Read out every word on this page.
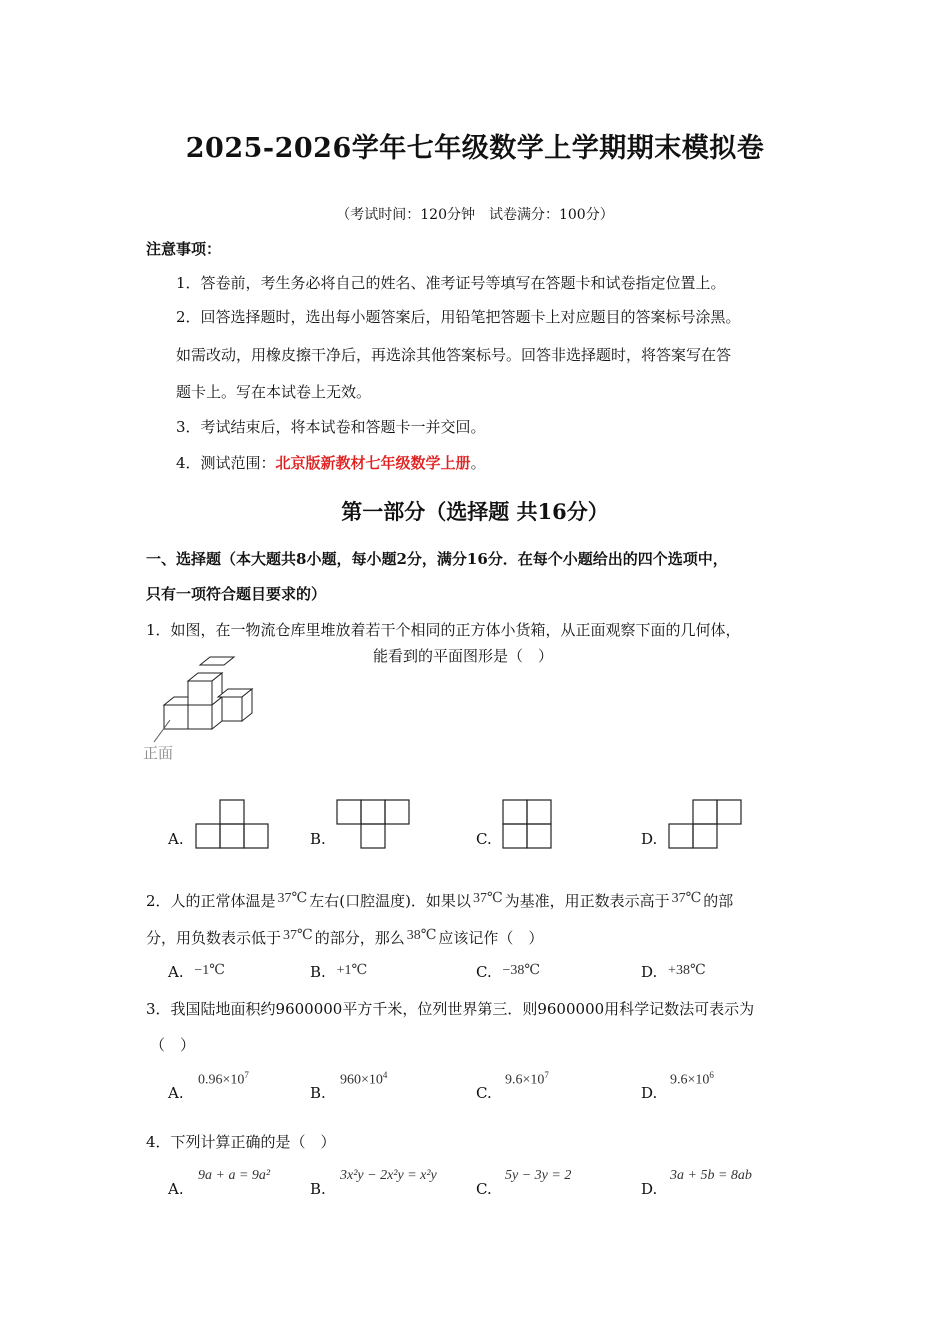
2025-2026学年七年级数学上学期期末模拟卷
（考试时间：120分钟　试卷满分：100分）
注意事项：
1．答卷前，考生务必将自己的姓名、准考证号等填写在答题卡和试卷指定位置上。
2．回答选择题时，选出每小题答案后，用铅笔把答题卡上对应题目的答案标号涂黑。
如需改动，用橡皮擦干净后，再选涂其他答案标号。回答非选择题时，将答案写在答
题卡上。写在本试卷上无效。
3．考试结束后，将本试卷和答题卡一并交回。
4．测试范围：北京版新教材七年级数学上册。
第一部分（选择题 共16分）
一、选择题（本大题共8小题，每小题2分，满分16分．在每个小题给出的四个选项中，
只有一项符合题目要求的）
1．如图，在一物流仓库里堆放着若干个相同的正方体小货箱，从正面观察下面的几何体，
能看到的平面图形是（　）
正面
A.	B.	C.	D.
2．人的正常体温是 37℃ 左右(口腔温度)．如果以 37℃ 为基准，用正数表示高于 37℃ 的部
分，用负数表示低于 37℃ 的部分，那么 38℃ 应该记作（　）
A. −1℃	B. +1℃	C. −38℃	D. +38℃
3．我国陆地面积约9600000平方千米，位列世界第三．则9600000用科学记数法可表示为
（　）
A.
$0.96\times 10^7$
B.
$960\times 10^4$
C.
$9.6\times 10^7$
D.
$9.6\times 10^6$
4．下列计算正确的是（　）
A.
9a + a = 9a²
B.
3x²y − 2x²y = x²y
C.
5y − 3y = 2
D.
3a + 5b = 8ab
